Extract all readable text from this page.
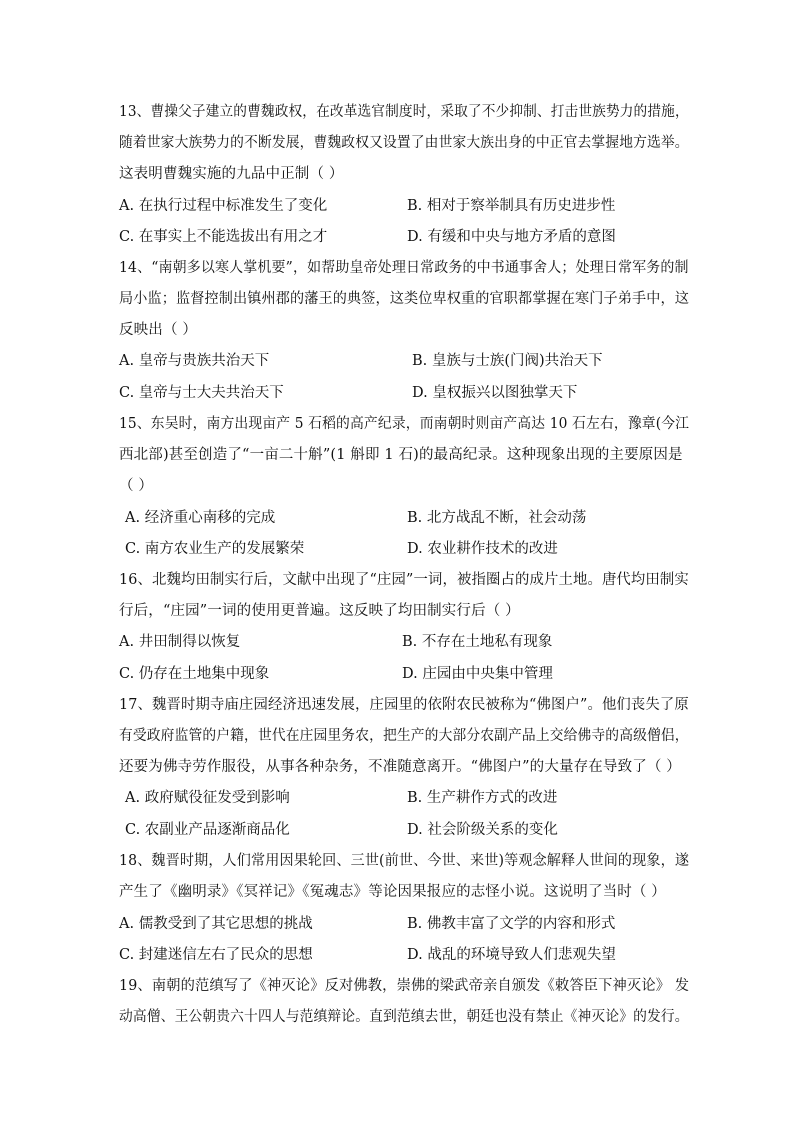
13、曹操父子建立的曹魏政权，在改革选官制度时，采取了不少抑制、打击世族势力的措施，
随着世家大族势力的不断发展，曹魏政权又设置了由世家大族出身的中正官去掌握地方选举。
这表明曹魏实施的九品中正制（ ）
A. 在执行过程中标准发生了变化	B. 相对于察举制具有历史进步性
C. 在事实上不能选拔出有用之才	D. 有缓和中央与地方矛盾的意图
14、“南朝多以寒人掌机要”，如帮助皇帝处理日常政务的中书通事舍人；处理日常军务的制
局小监；监督控制出镇州郡的藩王的典签，这类位卑权重的官职都掌握在寒门子弟手中，这
反映出（ ）
A. 皇帝与贵族共治天下	B. 皇族与士族(门阀)共治天下
C. 皇帝与士大夫共治天下	D. 皇权振兴以图独掌天下
15、东吴时，南方出现亩产 5 石稻的高产纪录，而南朝时则亩产高达 10 石左右，豫章(今江
西北部)甚至创造了“一亩二十斛”(1 斛即 1 石)的最高纪录。这种现象出现的主要原因是
（ ）
A. 经济重心南移的完成	B. 北方战乱不断，社会动荡
C. 南方农业生产的发展繁荣	D. 农业耕作技术的改进
16、北魏均田制实行后，文献中出现了“庄园”一词，被指圈占的成片土地。唐代均田制实
行后，“庄园”一词的使用更普遍。这反映了均田制实行后（ ）
A. 井田制得以恢复	B. 不存在土地私有现象
C. 仍存在土地集中现象	D. 庄园由中央集中管理
17、魏晋时期寺庙庄园经济迅速发展，庄园里的依附农民被称为“佛图户”。他们丧失了原
有受政府监管的户籍，世代在庄园里务农，把生产的大部分农副产品上交给佛寺的高级僧侣，
还要为佛寺劳作服役，从事各种杂务，不准随意离开。“佛图户”的大量存在导致了（ ）
A. 政府赋役征发受到影响	B. 生产耕作方式的改进
C. 农副业产品逐渐商品化	D. 社会阶级关系的变化
18、魏晋时期，人们常用因果轮回、三世(前世、今世、来世)等观念解释人世间的现象，遂
产生了《幽明录》《冥祥记》《冤魂志》等论因果报应的志怪小说。这说明了当时（ ）
A. 儒教受到了其它思想的挑战	B. 佛教丰富了文学的内容和形式
C. 封建迷信左右了民众的思想	D. 战乱的环境导致人们悲观失望
19、南朝的范缜写了《神灭论》反对佛教，崇佛的梁武帝亲自颁发《敕答臣下神灭论》 发
动高僧、王公朝贵六十四人与范缜辩论。直到范缜去世，朝廷也没有禁止《神灭论》的发行。
